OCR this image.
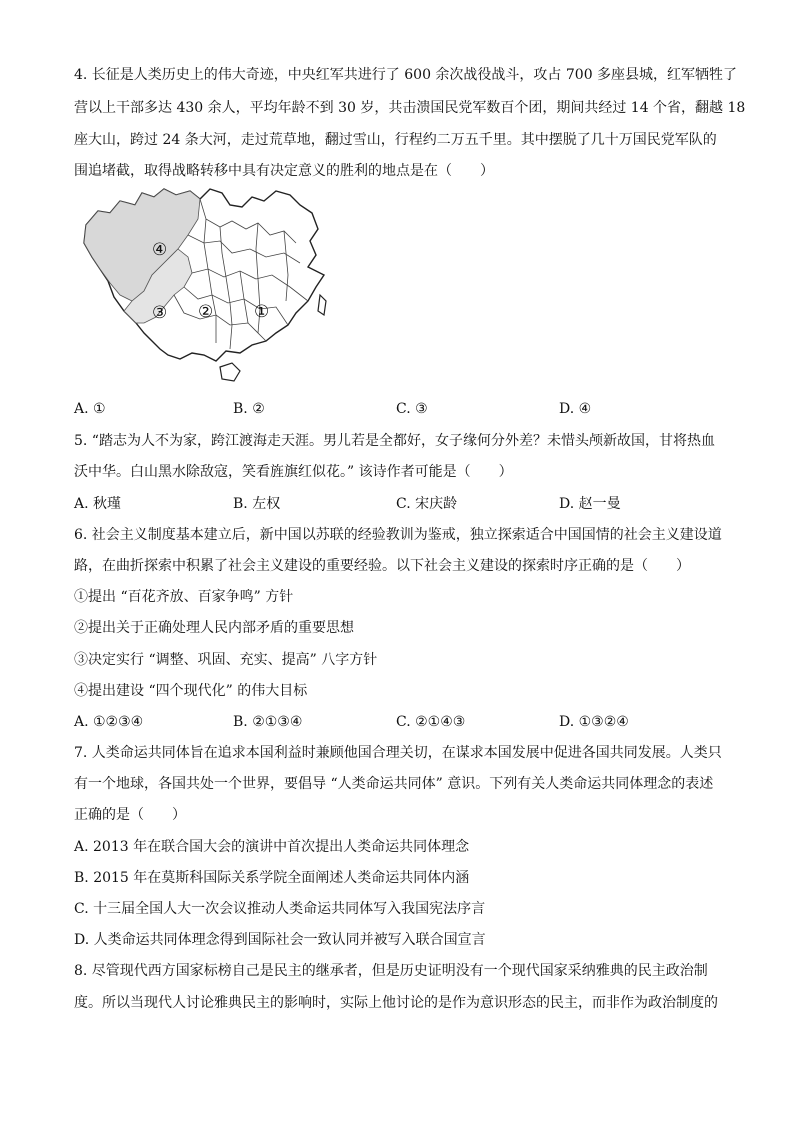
4. 长征是人类历史上的伟大奇迹，中央红军共进行了 600 余次战役战斗，攻占 700 多座县城，红军牺牲了
营以上干部多达 430 余人，平均年龄不到 30 岁，共击溃国民党军数百个团，期间共经过 14 个省，翻越 18
座大山，跨过 24 条大河，走过荒草地，翻过雪山，行程约二万五千里。其中摆脱了几十万国民党军队的
围追堵截，取得战略转移中具有决定意义的胜利的地点是在（　　）
④
③ ② ①
A. ①	B. ②	C. ③	D. ④
5. “踏志为人不为家，跨江渡海走天涯。男儿若是全都好，女子缘何分外差？未惜头颅新故国，甘将热血
沃中华。白山黑水除敌寇，笑看旌旗红似花。” 该诗作者可能是（　　）
A. 秋瑾	B. 左权	C. 宋庆龄	D. 赵一曼
6. 社会主义制度基本建立后，新中国以苏联的经验教训为鉴戒，独立探索适合中国国情的社会主义建设道
路，在曲折探索中积累了社会主义建设的重要经验。以下社会主义建设的探索时序正确的是（　　）
①提出 “百花齐放、百家争鸣” 方针
②提出关于正确处理人民内部矛盾的重要思想
③决定实行 “调整、巩固、充实、提高” 八字方针
④提出建设 “四个现代化” 的伟大目标
A. ①②③④	B. ②①③④	C. ②①④③	D. ①③②④
7. 人类命运共同体旨在追求本国利益时兼顾他国合理关切，在谋求本国发展中促进各国共同发展。人类只
有一个地球，各国共处一个世界，要倡导 “人类命运共同体” 意识。下列有关人类命运共同体理念的表述
正确的是（　　）
A. 2013 年在联合国大会的演讲中首次提出人类命运共同体理念
B. 2015 年在莫斯科国际关系学院全面阐述人类命运共同体内涵
C. 十三届全国人大一次会议推动人类命运共同体写入我国宪法序言
D. 人类命运共同体理念得到国际社会一致认同并被写入联合国宣言
8. 尽管现代西方国家标榜自己是民主的继承者，但是历史证明没有一个现代国家采纳雅典的民主政治制
度。所以当现代人讨论雅典民主的影响时，实际上他讨论的是作为意识形态的民主，而非作为政治制度的
